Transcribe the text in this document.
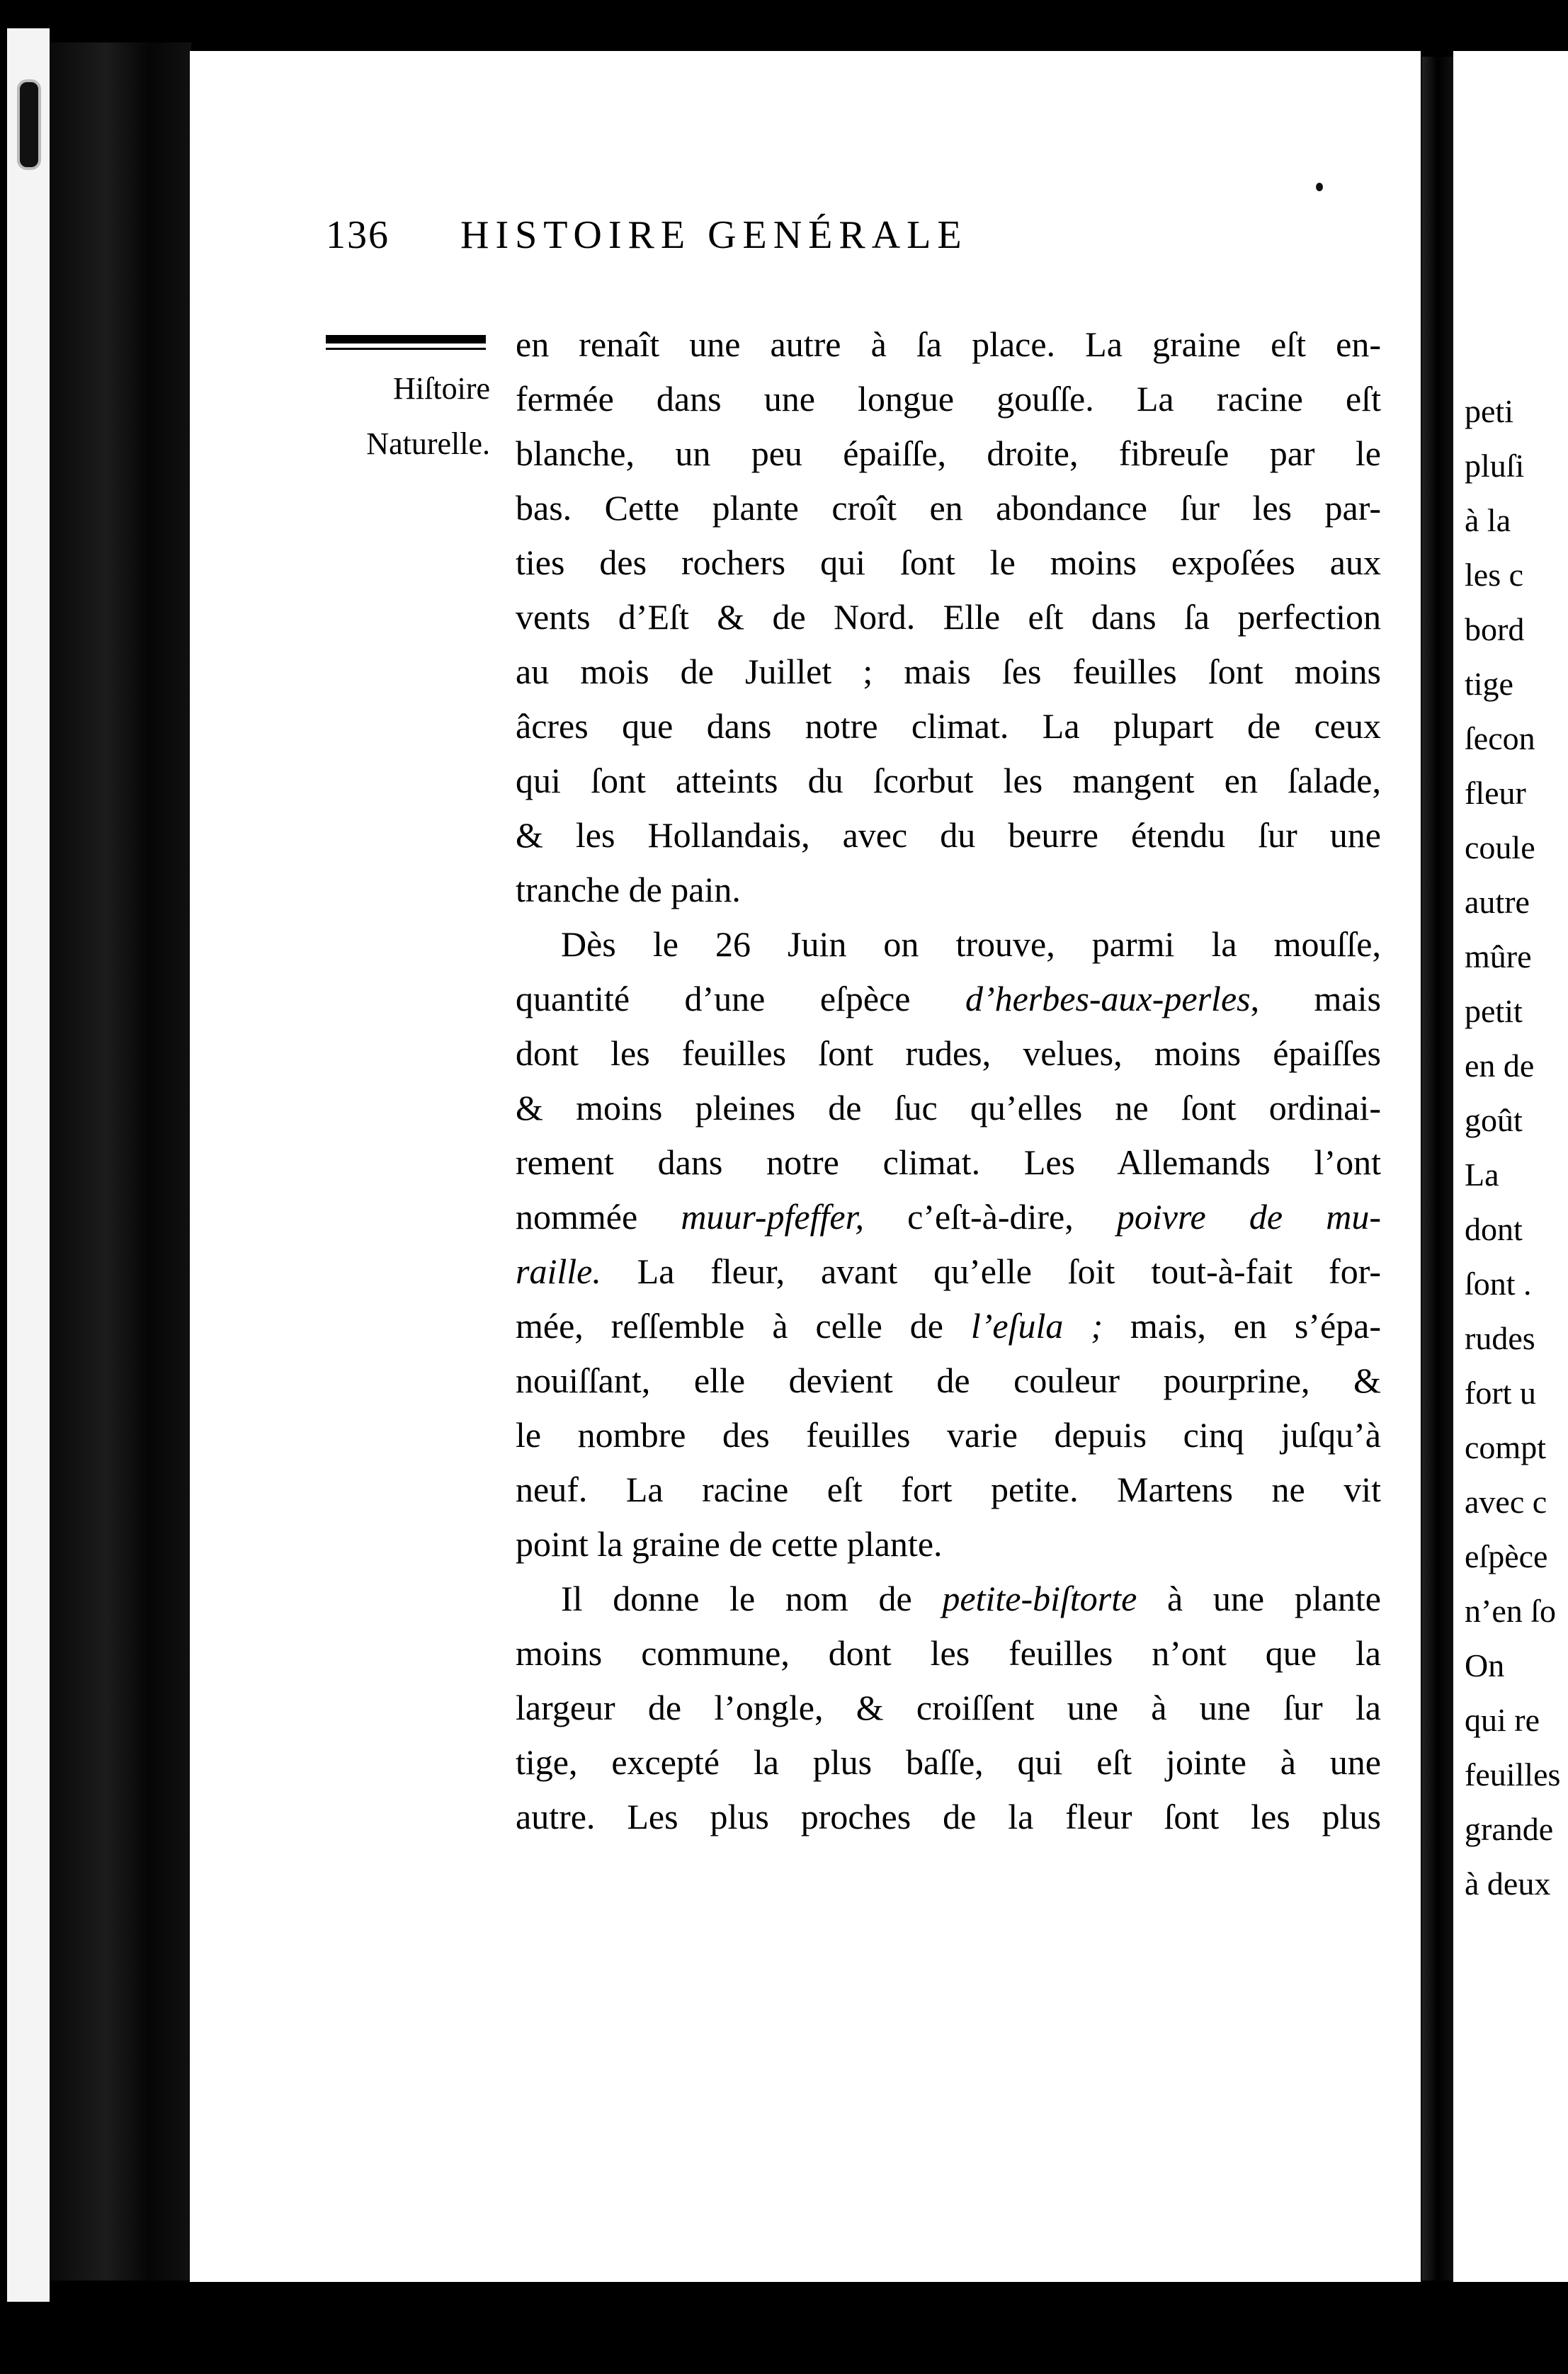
peti
pluſi
à la
les c
bord
tige
ſecon
fleur
coule
autre
mûre
petit
en de
goût
La
dont
ſont .
rudes
fort u
compt
avec c
eſpèce
n’en ſo
On
qui re
feuilles
grande
à deux
136 HISTOIRE GENÉRALE
Hiſtoire
Naturelle.
en renaît une autre à ſa place. La graine eſt en-
fermée dans une longue gouſſe. La racine eſt
blanche, un peu épaiſſe, droite, fibreuſe par le
bas. Cette plante croît en abondance ſur les par-
ties des rochers qui ſont le moins expoſées aux
vents d’Eſt & de Nord. Elle eſt dans ſa perfection
au mois de Juillet ; mais ſes feuilles ſont moins
âcres que dans notre climat. La plupart de ceux
qui ſont atteints du ſcorbut les mangent en ſalade,
& les Hollandais, avec du beurre étendu ſur une
tranche de pain.
Dès le 26 Juin on trouve, parmi la mouſſe,
quantité d’une eſpèce d’herbes-aux-perles, mais
dont les feuilles ſont rudes, velues, moins épaiſſes
& moins pleines de ſuc qu’elles ne ſont ordinai-
rement dans notre climat. Les Allemands l’ont
nommée muur-pfeffer, c’eſt-à-dire, poivre de mu-
raille. La fleur, avant qu’elle ſoit tout-à-fait for-
mée, reſſemble à celle de l’eſula ; mais, en s’épa-
nouiſſant, elle devient de couleur pourprine, &
le nombre des feuilles varie depuis cinq juſqu’à
neuf. La racine eſt fort petite. Martens ne vit
point la graine de cette plante.
Il donne le nom de petite-biſtorte à une plante
moins commune, dont les feuilles n’ont que la
largeur de l’ongle, & croiſſent une à une ſur la
tige, excepté la plus baſſe, qui eſt jointe à une
autre. Les plus proches de la fleur ſont les plus
